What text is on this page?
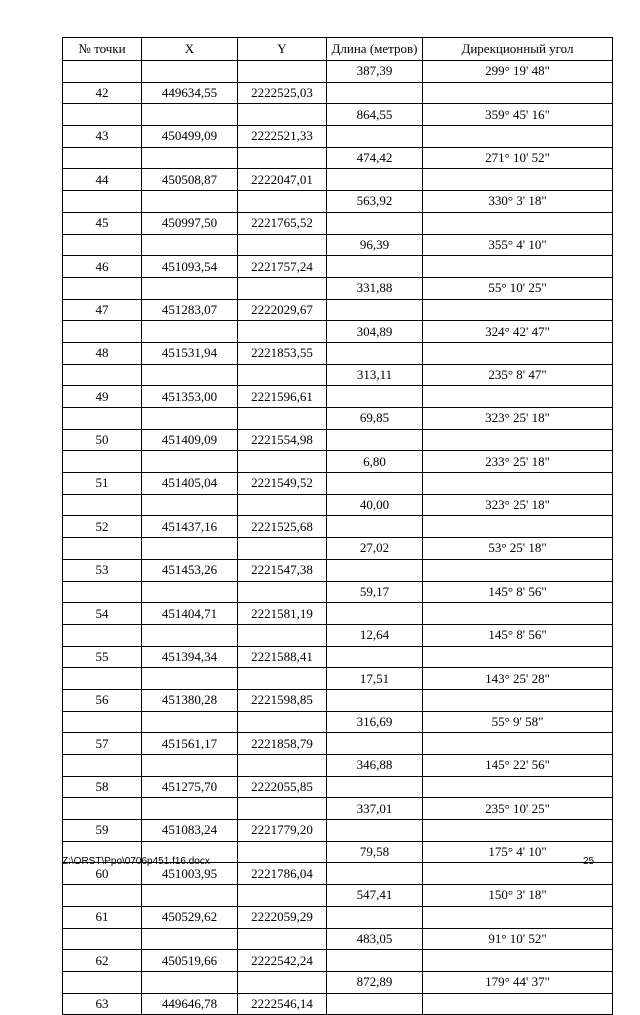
№ точки	X	Y	Длина (метров)	Дирекционный угол
			387,39	299° 19' 48"
42	449634,55	2222525,03		
			864,55	359° 45' 16"
43	450499,09	2222521,33		
			474,42	271° 10' 52"
44	450508,87	2222047,01		
			563,92	330° 3' 18"
45	450997,50	2221765,52		
			96,39	355° 4' 10"
46	451093,54	2221757,24		
			331,88	55° 10' 25"
47	451283,07	2222029,67		
			304,89	324° 42' 47"
48	451531,94	2221853,55		
			313,11	235° 8' 47"
49	451353,00	2221596,61		
			69,85	323° 25' 18"
50	451409,09	2221554,98		
			6,80	233° 25' 18"
51	451405,04	2221549,52		
			40,00	323° 25' 18"
52	451437,16	2221525,68		
			27,02	53° 25' 18"
53	451453,26	2221547,38		
			59,17	145° 8' 56"
54	451404,71	2221581,19		
			12,64	145° 8' 56"
55	451394,34	2221588,41		
			17,51	143° 25' 28"
56	451380,28	2221598,85		
			316,69	55° 9' 58"
57	451561,17	2221858,79		
			346,88	145° 22' 56"
58	451275,70	2222055,85		
			337,01	235° 10' 25"
59	451083,24	2221779,20		
			79,58	175° 4' 10"
60	451003,95	2221786,04		
			547,41	150° 3' 18"
61	450529,62	2222059,29		
			483,05	91° 10' 52"
62	450519,66	2222542,24		
			872,89	179° 44' 37"
63	449646,78	2222546,14		
Z:\ORST\Ppo\0706p451.f16.docx	25
